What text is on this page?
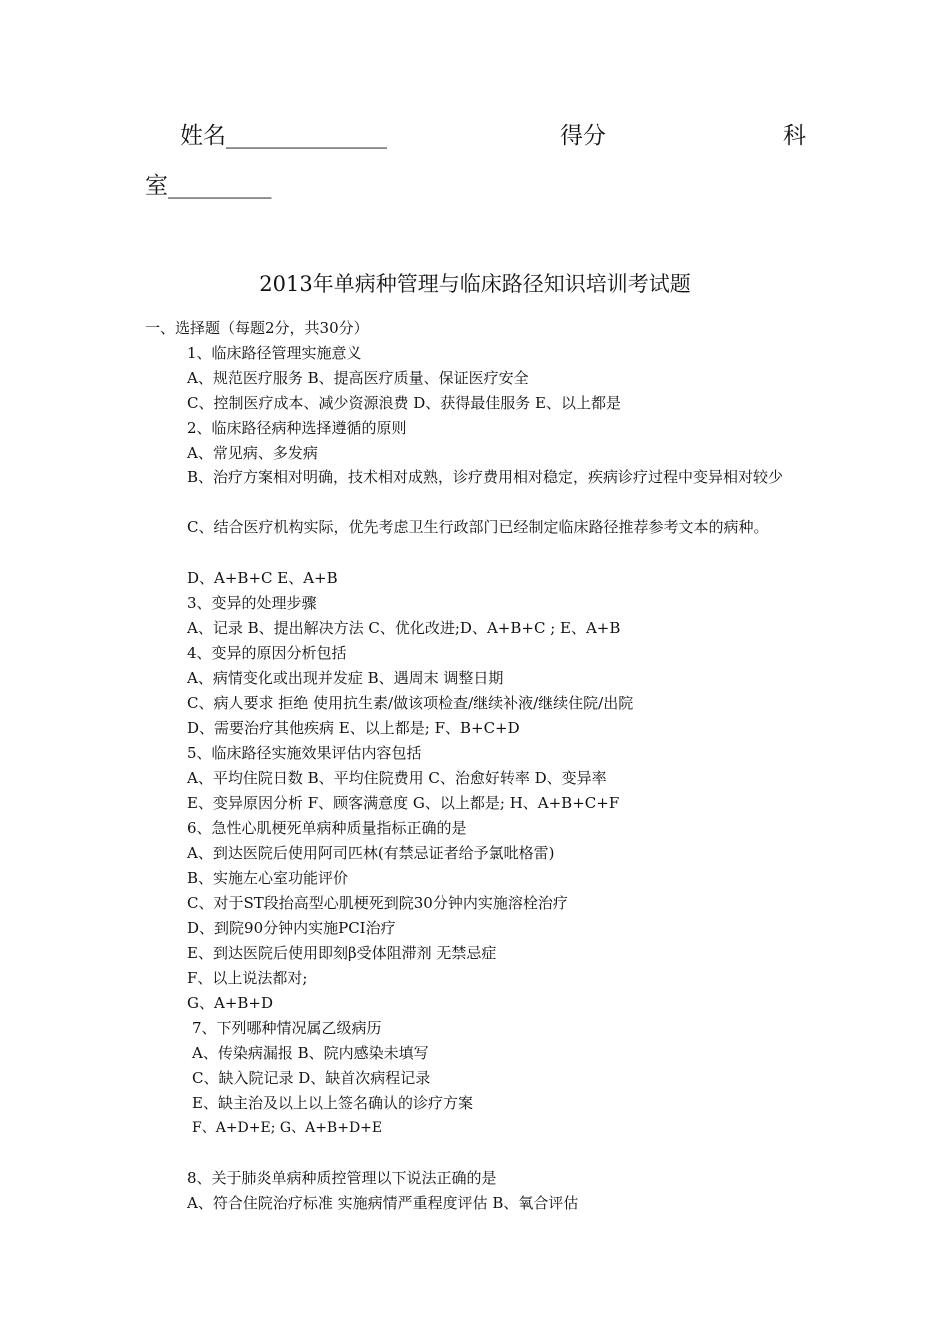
姓名______________	得分	科
室_________
2013年单病种管理与临床路径知识培训考试题
一、选择题（每题2分，共30分）
1、临床路径管理实施意义
A、规范医疗服务 B、提高医疗质量、保证医疗安全
C、控制医疗成本、减少资源浪费 D、获得最佳服务 E、以上都是
2、临床路径病种选择遵循的原则
A、常见病、多发病
B、治疗方案相对明确，技术相对成熟，诊疗费用相对稳定，疾病诊疗过程中变异相对较少
C、结合医疗机构实际，优先考虑卫生行政部门已经制定临床路径推荐参考文本的病种。
D、A+B+C E、A+B
3、变异的处理步骤
A、记录 B、提出解决方法 C、优化改进;D、A+B+C ; E、A+B
4、变异的原因分析包括
A、病情变化或出现并发症 B、遇周末 调整日期
C、病人要求 拒绝 使用抗生素/做该项检查/继续补液/继续住院/出院
D、需要治疗其他疾病 E、以上都是; F、B+C+D
5、临床路径实施效果评估内容包括
A、平均住院日数 B、平均住院费用 C、治愈好转率 D、变异率
E、变异原因分析 F、顾客满意度 G、以上都是; H、A+B+C+F
6、急性心肌梗死单病种质量指标正确的是
A、到达医院后使用阿司匹林(有禁忌证者给予氯吡格雷)
B、实施左心室功能评价
C、对于ST段抬高型心肌梗死到院30分钟内实施溶栓治疗
D、到院90分钟内实施PCI治疗
E、到达医院后使用即刻β受体阻滞剂 无禁忌症
F、以上说法都对;
G、A+B+D
7、下列哪种情况属乙级病历
A、传染病漏报 B、院内感染未填写
C、缺入院记录 D、缺首次病程记录
E、缺主治及以上以上签名确认的诊疗方案
F、A+D+E; G、A+B+D+E
8、关于肺炎单病种质控管理以下说法正确的是
A、符合住院治疗标准 实施病情严重程度评估 B、氧合评估
